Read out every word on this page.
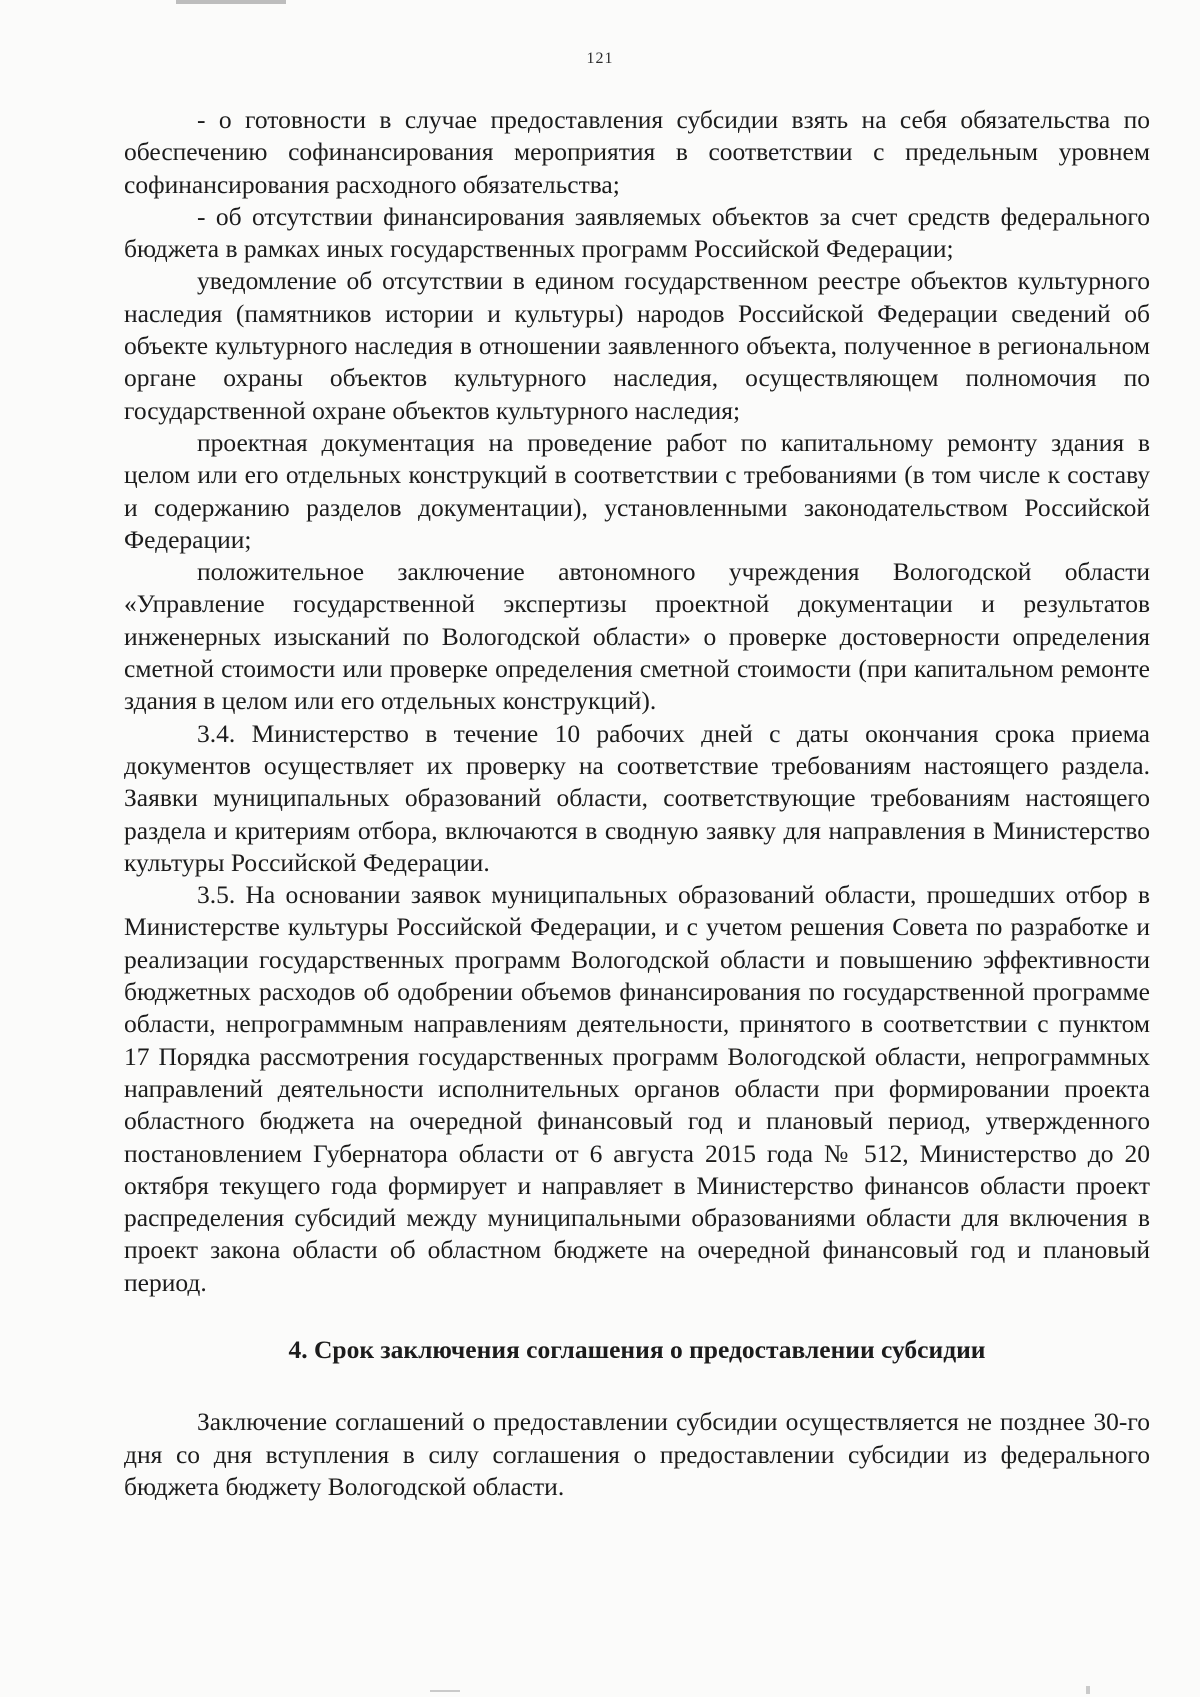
121

- о готовности в случае предоставления субсидии взять на себя обязательства по обеспечению софинансирования мероприятия в соответствии с предельным уровнем софинансирования расходного обязательства;

- об отсутствии финансирования заявляемых объектов за счет средств федерального бюджета в рамках иных государственных программ Российской Федерации;

уведомление об отсутствии в едином государственном реестре объектов культурного наследия (памятников истории и культуры) народов Российской Федерации сведений об объекте культурного наследия в отношении заявленного объекта, полученное в региональном органе охраны объектов культурного наследия, осуществляющем полномочия по государственной охране объектов культурного наследия;

проектная документация на проведение работ по капитальному ремонту здания в целом или его отдельных конструкций в соответствии с требованиями (в том числе к составу и содержанию разделов документации), установленными законодательством Российской Федерации;

положительное заключение автономного учреждения Вологодской области «Управление государственной экспертизы проектной документации и результатов инженерных изысканий по Вологодской области» о проверке достоверности определения сметной стоимости или проверке определения сметной стоимости (при капитальном ремонте здания в целом или его отдельных конструкций).

3.4. Министерство в течение 10 рабочих дней с даты окончания срока приема документов осуществляет их проверку на соответствие требованиям настоящего раздела. Заявки муниципальных образований области, соответствующие требованиям настоящего раздела и критериям отбора, включаются в сводную заявку для направления в Министерство культуры Российской Федерации.

3.5. На основании заявок муниципальных образований области, прошедших отбор в Министерстве культуры Российской Федерации, и с учетом решения Совета по разработке и реализации государственных программ Вологодской области и повышению эффективности бюджетных расходов об одобрении объемов финансирования по государственной программе области, непрограммным направлениям деятельности, принятого в соответствии с пунктом 17 Порядка рассмотрения государственных программ Вологодской области, непрограммных направлений деятельности исполнительных органов области при формировании проекта областного бюджета на очередной финансовый год и плановый период, утвержденного постановлением Губернатора области от 6 августа 2015 года № 512, Министерство до 20 октября текущего года формирует и направляет в Министерство финансов области проект распределения субсидий между муниципальными образованиями области для включения в проект закона области об областном бюджете на очередной финансовый год и плановый период.

4. Срок заключения соглашения о предоставлении субсидии

Заключение соглашений о предоставлении субсидии осуществляется не позднее 30-го дня со дня вступления в силу соглашения о предоставлении субсидии из федерального бюджета бюджету Вологодской области.
